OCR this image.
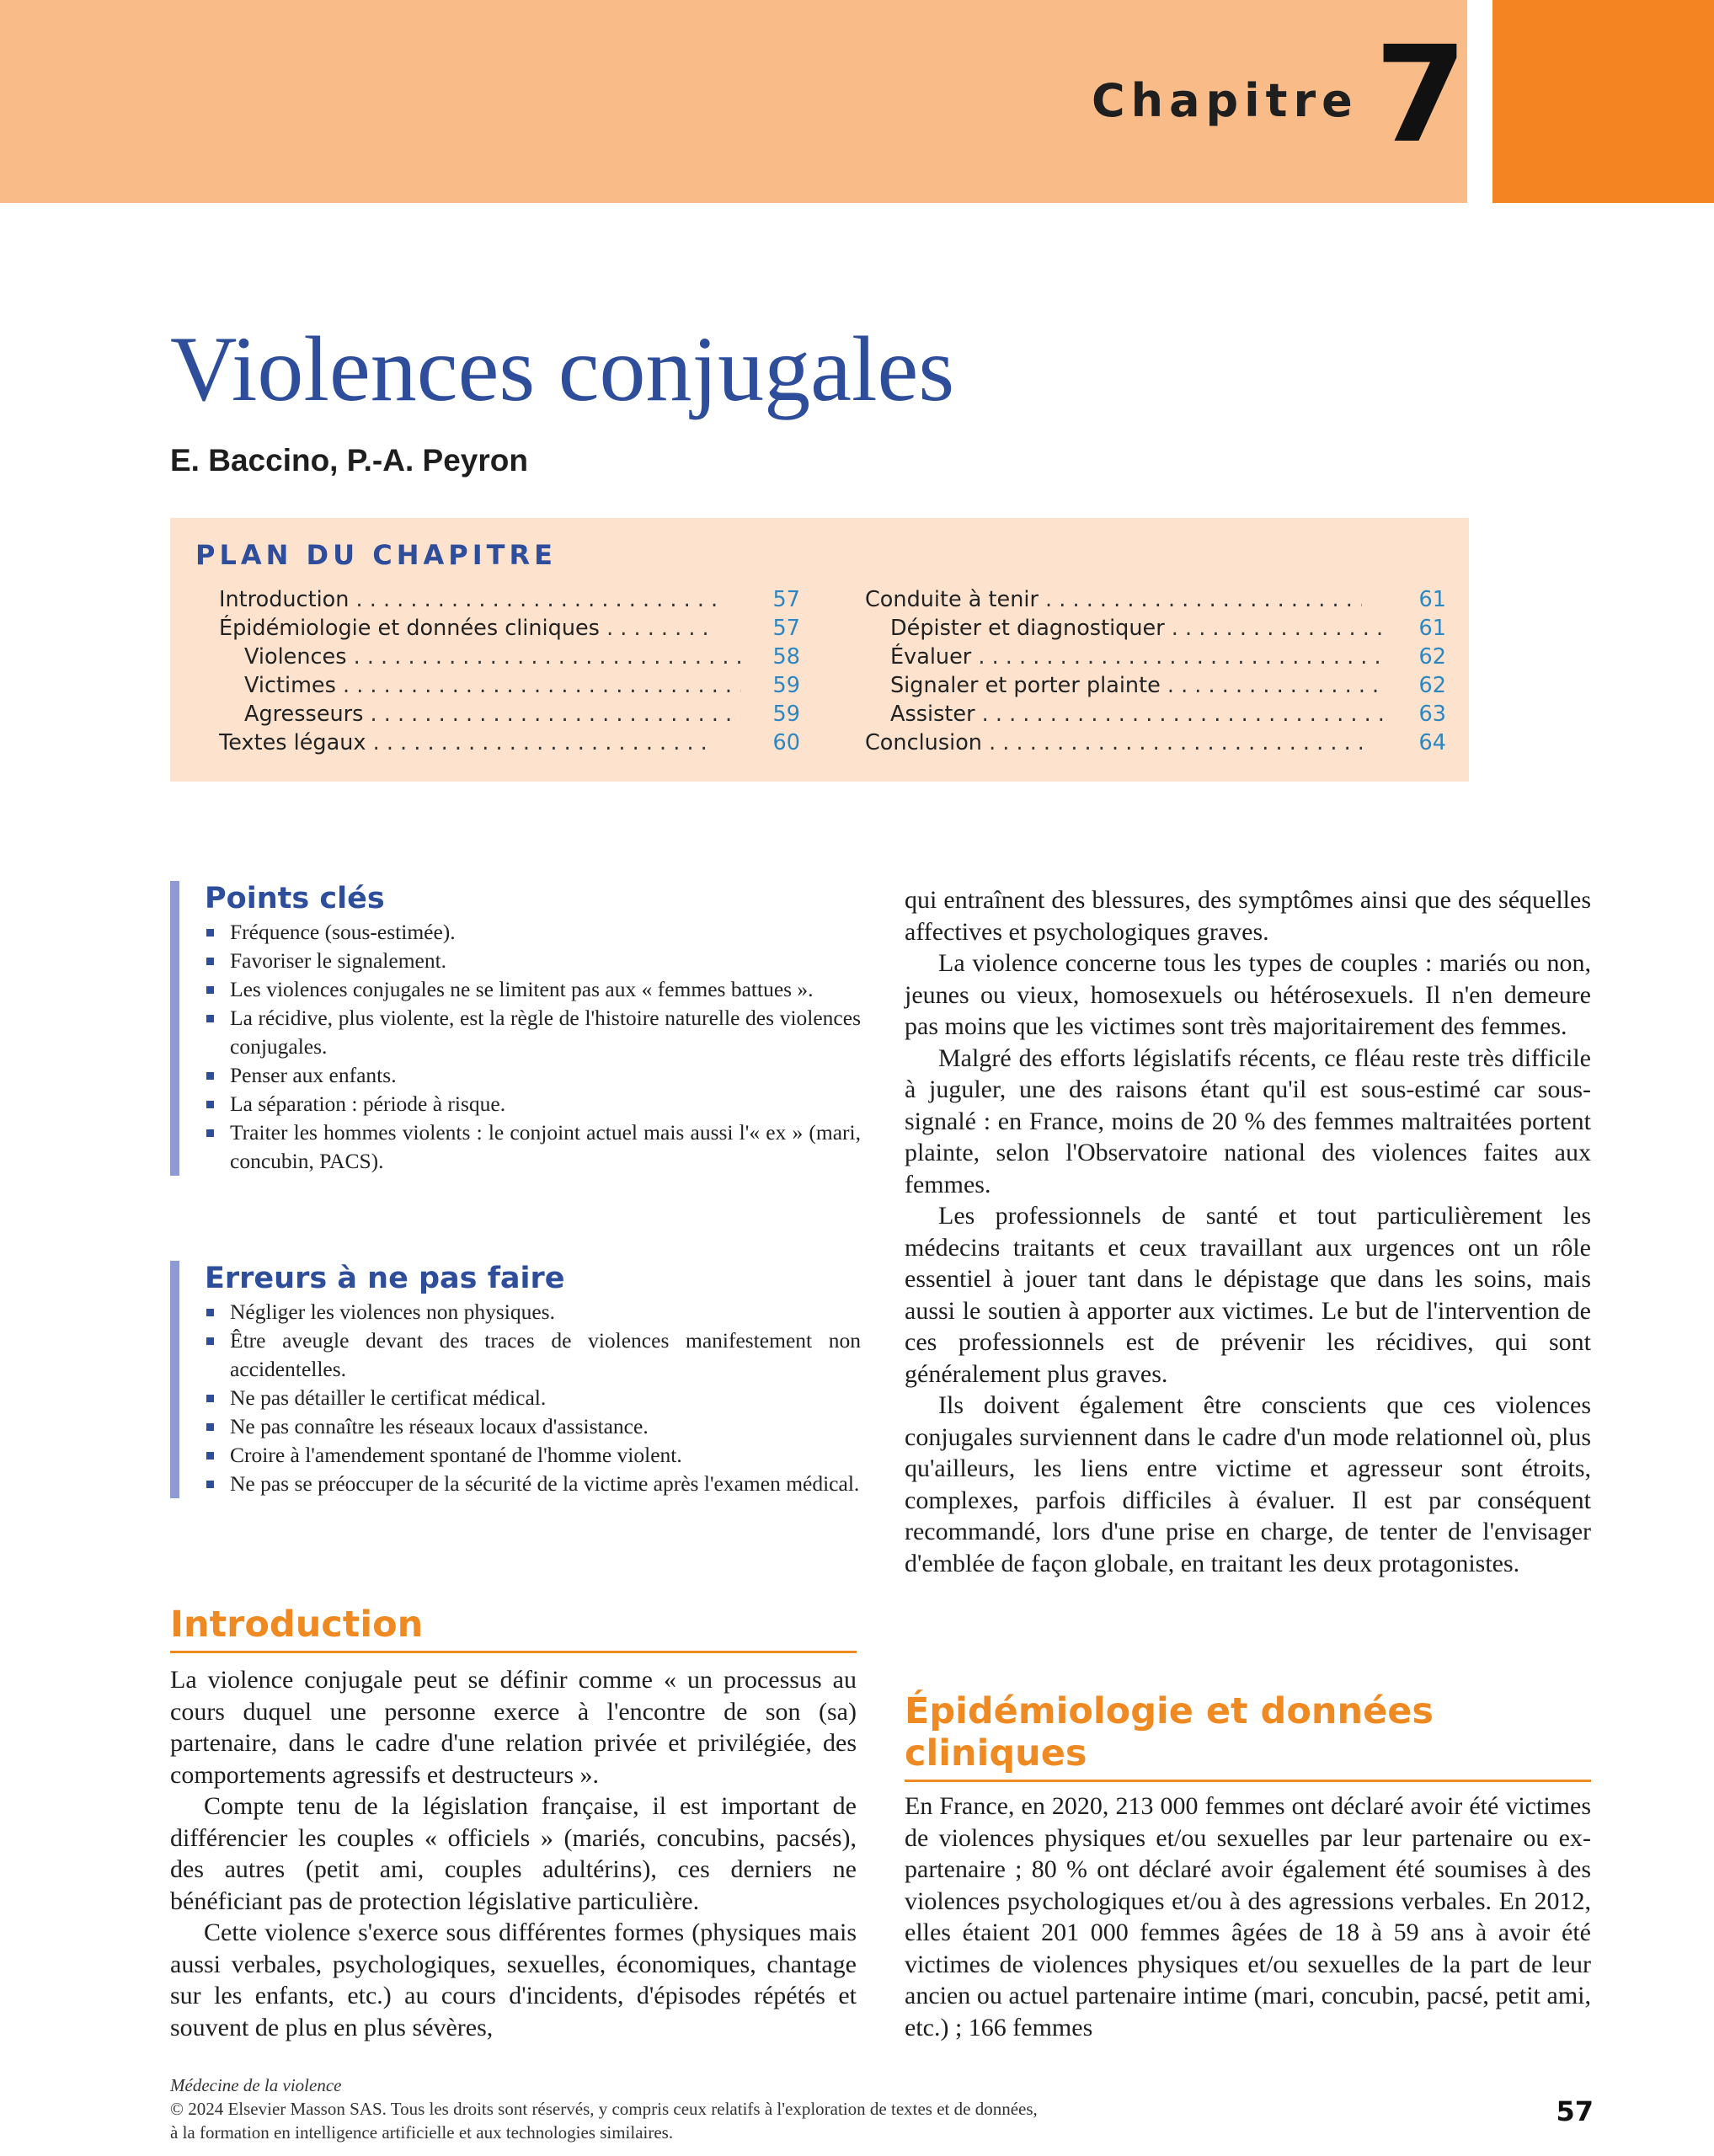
Chapitre 7
Violences conjugales
E. Baccino, P.-A. Peyron
PLAN DU CHAPITRE
Introduction . . .	57
Épidémiologie et données cliniques . . .	57
Violences . . .	58
Victimes . . .	59
Agresseurs . . .	59
Textes légaux . . .	60
Conduite à tenir . . .	61
Dépister et diagnostiquer . . .	61
Évaluer . . .	62
Signaler et porter plainte . . .	62
Assister . . .	63
Conclusion . . .	64
Points clés
Fréquence (sous-estimée).
Favoriser le signalement.
Les violences conjugales ne se limitent pas aux « femmes battues ».
La récidive, plus violente, est la règle de l'histoire naturelle des violences conjugales.
Penser aux enfants.
La séparation : période à risque.
Traiter les hommes violents : le conjoint actuel mais aussi l'« ex » (mari, concubin, PACS).
Erreurs à ne pas faire
Négliger les violences non physiques.
Être aveugle devant des traces de violences manifestement non accidentelles.
Ne pas détailler le certificat médical.
Ne pas connaître les réseaux locaux d'assistance.
Croire à l'amendement spontané de l'homme violent.
Ne pas se préoccuper de la sécurité de la victime après l'examen médical.
Introduction

La violence conjugale peut se définir comme « un processus au cours duquel une personne exerce à l'encontre de son (sa) partenaire, dans le cadre d'une relation privée et privilégiée, des comportements agressifs et destructeurs ».

Compte tenu de la législation française, il est important de différencier les couples « officiels » (mariés, concubins, pacsés), des autres (petit ami, couples adultérins), ces derniers ne bénéficiant pas de protection législative particulière.

Cette violence s'exerce sous différentes formes (physiques mais aussi verbales, psychologiques, sexuelles, économiques, chantage sur les enfants, etc.) au cours d'incidents, d'épisodes répétés et souvent de plus en plus sévères,

qui entraînent des blessures, des symptômes ainsi que des séquelles affectives et psychologiques graves.

La violence concerne tous les types de couples : mariés ou non, jeunes ou vieux, homosexuels ou hétérosexuels. Il n'en demeure pas moins que les victimes sont très majoritairement des femmes.

Malgré des efforts législatifs récents, ce fléau reste très difficile à juguler, une des raisons étant qu'il est sous-estimé car sous-signalé : en France, moins de 20 % des femmes maltraitées portent plainte, selon l'Observatoire national des violences faites aux femmes.

Les professionnels de santé et tout particulièrement les médecins traitants et ceux travaillant aux urgences ont un rôle essentiel à jouer tant dans le dépistage que dans les soins, mais aussi le soutien à apporter aux victimes. Le but de l'intervention de ces professionnels est de prévenir les récidives, qui sont généralement plus graves.

Ils doivent également être conscients que ces violences conjugales surviennent dans le cadre d'un mode relationnel où, plus qu'ailleurs, les liens entre victime et agresseur sont étroits, complexes, parfois difficiles à évaluer. Il est par conséquent recommandé, lors d'une prise en charge, de tenter de l'envisager d'emblée de façon globale, en traitant les deux protagonistes.

Épidémiologie et données
cliniques

En France, en 2020, 213 000 femmes ont déclaré avoir été victimes de violences physiques et/ou sexuelles par leur partenaire ou ex-partenaire ; 80 % ont déclaré avoir également été soumises à des violences psychologiques et/ou à des agressions verbales. En 2012, elles étaient 201 000 femmes âgées de 18 à 59 ans à avoir été victimes de violences physiques et/ou sexuelles de la part de leur ancien ou actuel partenaire intime (mari, concubin, pacsé, petit ami, etc.) ; 166 femmes

Médecine de la violence
© 2024 Elsevier Masson SAS. Tous les droits sont réservés, y compris ceux relatifs à l'exploration de textes et de données,
à la formation en intelligence artificielle et aux technologies similaires.
57
